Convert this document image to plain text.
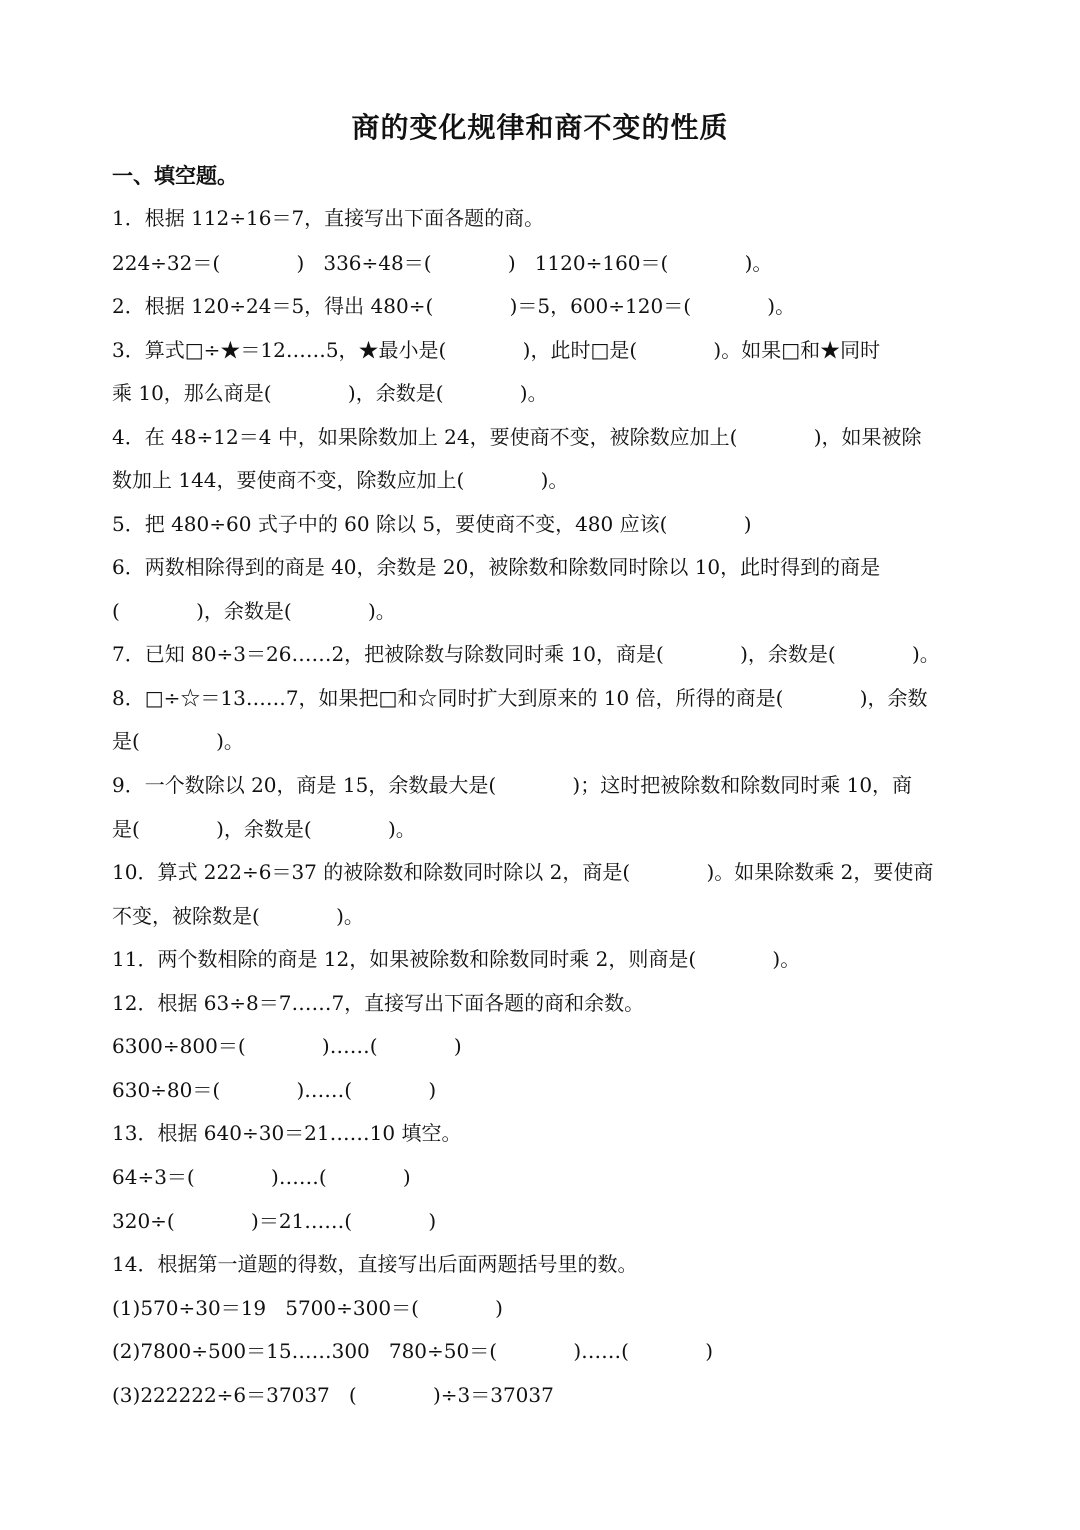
商的变化规律和商不变的性质
一、填空题。
1．根据 112÷16＝7，直接写出下面各题的商。
224÷32＝(            )   336÷48＝(            )   1120÷160＝(            )。
2．根据 120÷24＝5，得出 480÷(            )＝5，600÷120＝(            )。
3．算式□÷★＝12……5，★最小是(            )，此时□是(            )。如果□和★同时
乘 10，那么商是(            )，余数是(            )。
4．在 48÷12＝4 中，如果除数加上 24，要使商不变，被除数应加上(            )，如果被除
数加上 144，要使商不变，除数应加上(            )。
5．把 480÷60 式子中的 60 除以 5，要使商不变，480 应该(            )
6．两数相除得到的商是 40，余数是 20，被除数和除数同时除以 10，此时得到的商是
(            )，余数是(            )。
7．已知 80÷3＝26……2，把被除数与除数同时乘 10，商是(            )，余数是(            )。
8．□÷☆＝13……7，如果把□和☆同时扩大到原来的 10 倍，所得的商是(            )，余数
是(            )。
9．一个数除以 20，商是 15，余数最大是(            )；这时把被除数和除数同时乘 10，商
是(            )，余数是(            )。
10．算式 222÷6＝37 的被除数和除数同时除以 2，商是(            )。如果除数乘 2，要使商
不变，被除数是(            )。
11．两个数相除的商是 12，如果被除数和除数同时乘 2，则商是(            )。
12．根据 63÷8＝7……7，直接写出下面各题的商和余数。
6300÷800＝(            )……(            )
630÷80＝(            )……(            )
13．根据 640÷30＝21……10 填空。
64÷3＝(            )……(            )
320÷(            )＝21……(            )
14．根据第一道题的得数，直接写出后面两题括号里的数。
(1)570÷30＝19   5700÷300＝(            )
(2)7800÷500＝15……300   780÷50＝(            )……(            )
(3)222222÷6＝37037   (            )÷3＝37037
